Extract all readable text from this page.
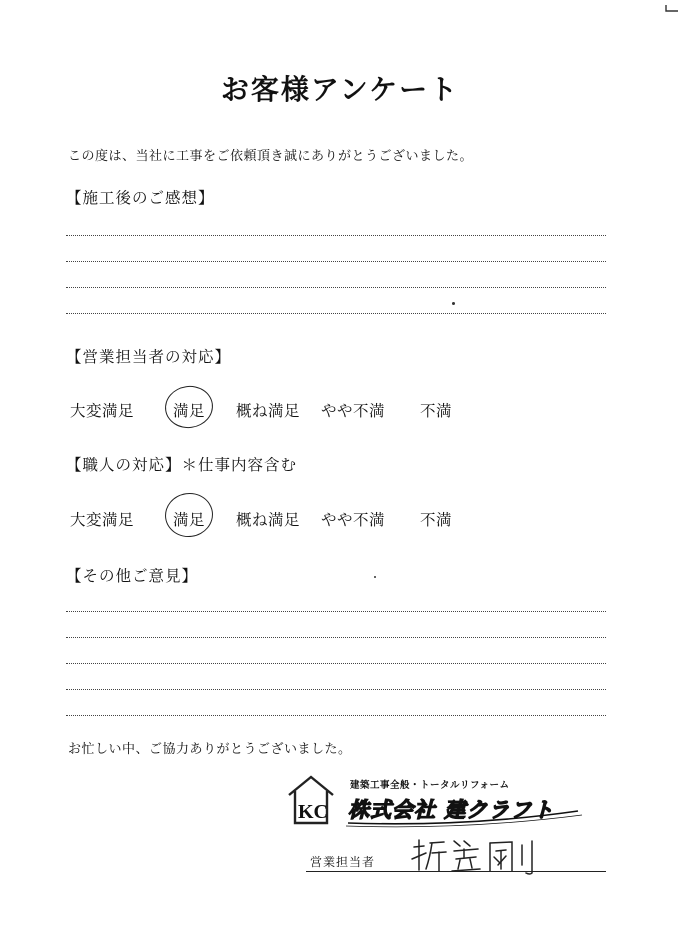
お客様アンケート
この度は、当社に工事をご依頼頂き誠にありがとうございました。
【施工後のご感想】
【営業担当者の対応】
大変満足	満足 概ね満足 やや不満 不満
【職人の対応】＊仕事内容含む
大変満足	満足 概ね満足 やや不満 不満
【その他ご意見】
お忙しい中、ご協力ありがとうございました。
KC
建築工事全般・トータルリフォーム
株式会社 建クラフト
営業担当者
